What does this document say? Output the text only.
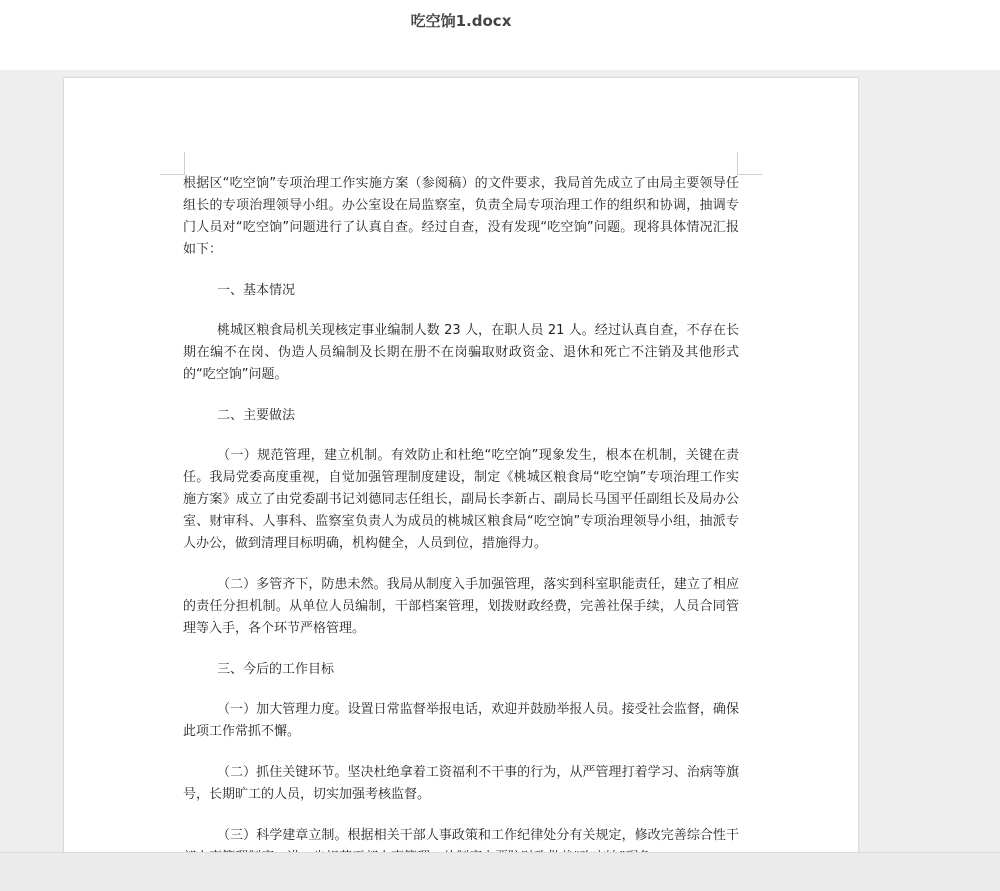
吃空饷1.docx

根据区“吃空饷”专项治理工作实施方案（参阅稿）的文件要求，我局首先成立了由局主要领导任组长的专项治理领导小组。办公室设在局监察室，负责全局专项治理工作的组织和协调，抽调专门人员对“吃空饷”问题进行了认真自查。经过自查，没有发现“吃空饷”问题。现将具体情况汇报如下：

一、基本情况

桃城区粮食局机关现核定事业编制人数 23 人，在职人员 21 人。经过认真自查，不存在长期在编不在岗、伪造人员编制及长期在册不在岗骗取财政资金、退休和死亡不注销及其他形式的“吃空饷”问题。

二、主要做法

（一）规范管理，建立机制。有效防止和杜绝“吃空饷”现象发生，根本在机制，关键在责任。我局党委高度重视，自觉加强管理制度建设，制定《桃城区粮食局“吃空饷”专项治理工作实施方案》成立了由党委副书记刘德同志任组长，副局长李新占、副局长马国平任副组长及局办公室、财审科、人事科、监察室负责人为成员的桃城区粮食局“吃空饷”专项治理领导小组，抽派专人办公，做到清理目标明确，机构健全，人员到位，措施得力。

（二）多管齐下，防患未然。我局从制度入手加强管理，落实到科室职能责任，建立了相应的责任分担机制。从单位人员编制，干部档案管理，划拨财政经费，完善社保手续，人员合同管理等入手，各个环节严格管理。

三、今后的工作目标

（一）加大管理力度。设置日常监督举报电话，欢迎并鼓励举报人员。接受社会监督，确保此项工作常抓不懈。

（二）抓住关键环节。坚决杜绝拿着工资福利不干事的行为，从严管理打着学习、治病等旗号，长期旷工的人员，切实加强考核监督。

（三）科学建章立制。根据相关干部人事政策和工作纪律处分有关规定，修改完善综合性干
